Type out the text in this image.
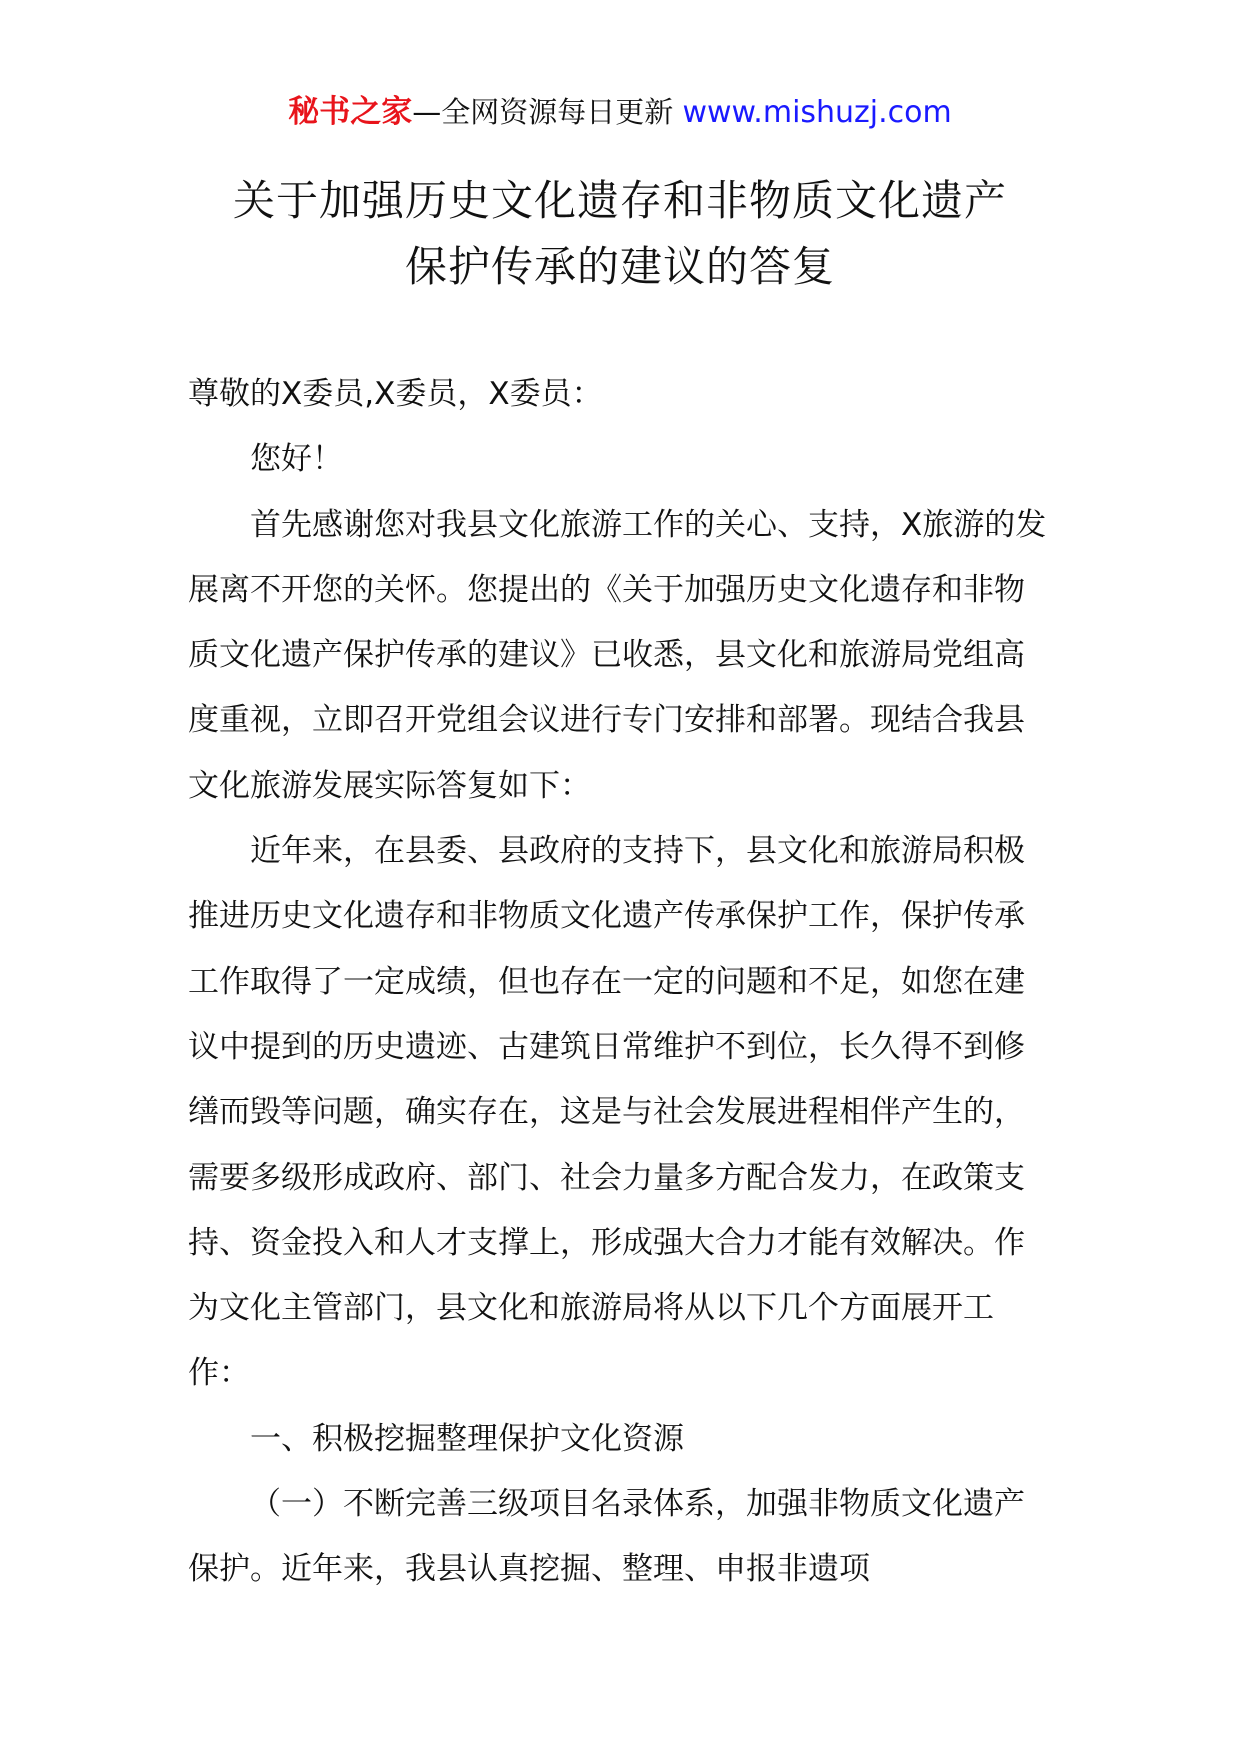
秘书之家—全网资源每日更新 www.mishuzj.com
关于加强历史文化遗存和非物质文化遗产
保护传承的建议的答复

尊敬的X委员,X委员，X委员：

您好！

首先感谢您对我县文化旅游工作的关心、支持，X旅游的发展离不开您的关怀。您提出的《关于加强历史文化遗存和非物质文化遗产保护传承的建议》已收悉，县文化和旅游局党组高度重视，立即召开党组会议进行专门安排和部署。现结合我县文化旅游发展实际答复如下：

近年来，在县委、县政府的支持下，县文化和旅游局积极推进历史文化遗存和非物质文化遗产传承保护工作，保护传承工作取得了一定成绩，但也存在一定的问题和不足，如您在建议中提到的历史遗迹、古建筑日常维护不到位，长久得不到修缮而毁等问题，确实存在，这是与社会发展进程相伴产生的，需要多级形成政府、部门、社会力量多方配合发力，在政策支持、资金投入和人才支撑上，形成强大合力才能有效解决。作为文化主管部门，县文化和旅游局将从以下几个方面展开工作：

一、积极挖掘整理保护文化资源

（一）不断完善三级项目名录体系，加强非物质文化遗产保护。近年来，我县认真挖掘、整理、申报非遗项
